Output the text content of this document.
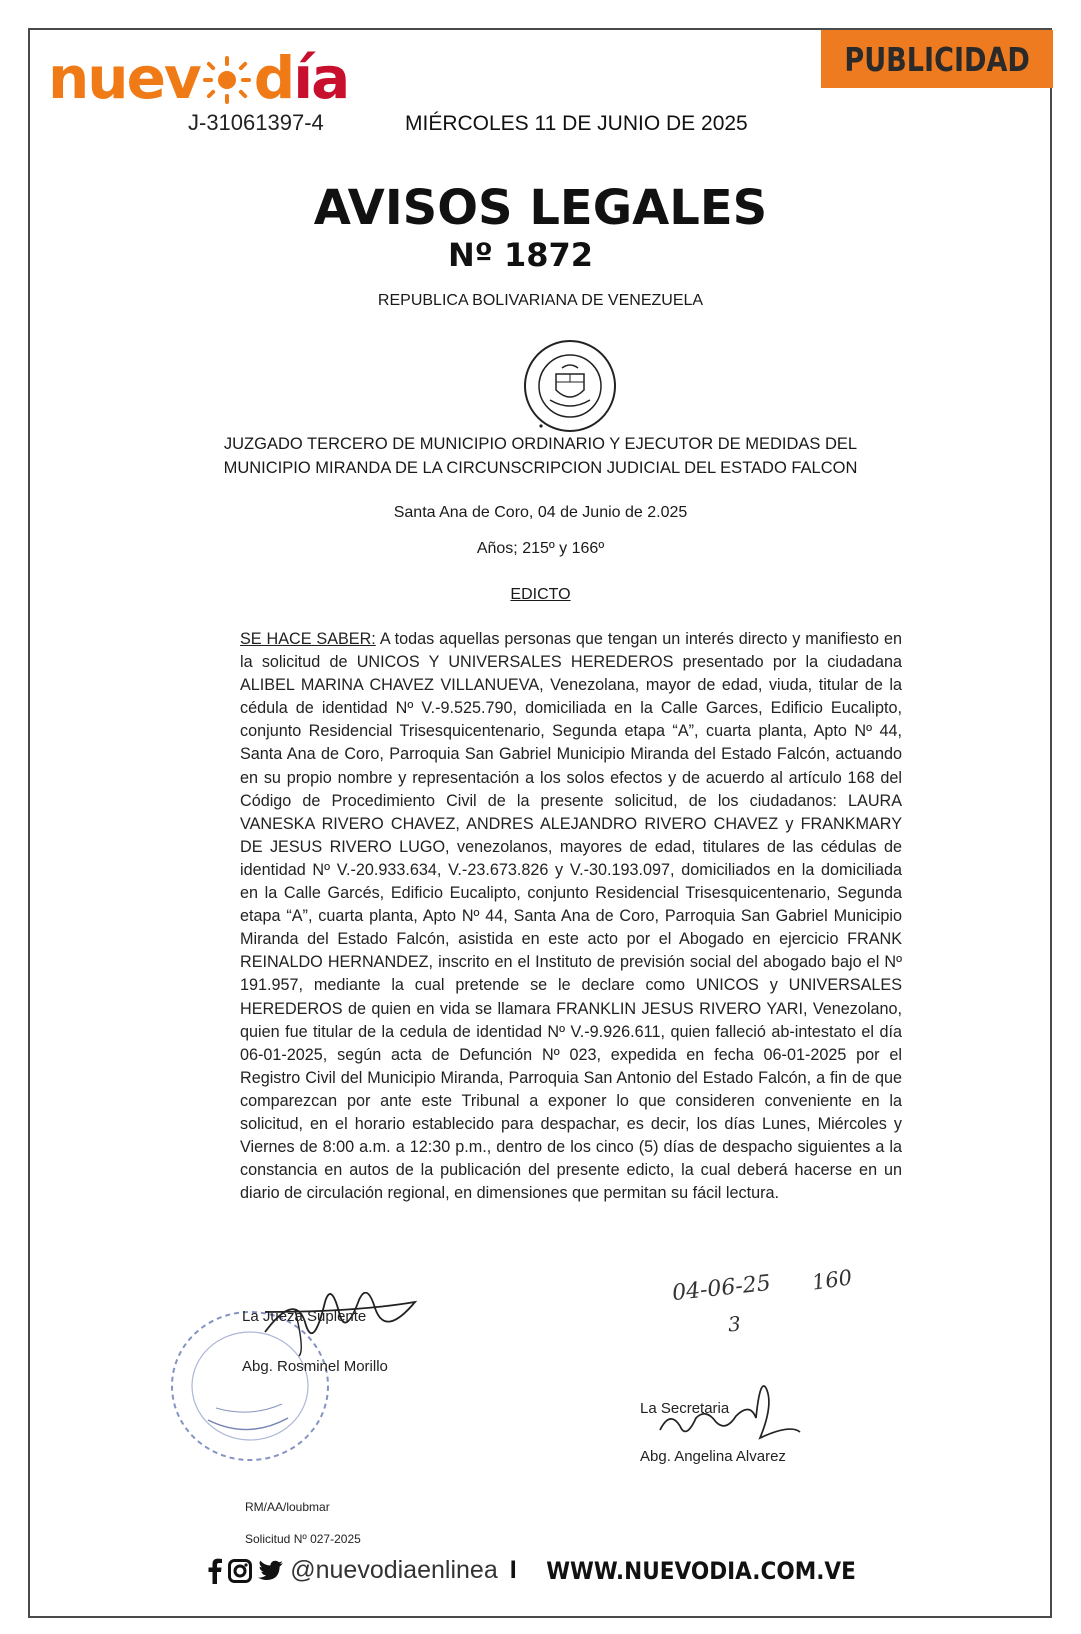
PUBLICIDAD
nuev d ía
J-31061397-4	MIÉRCOLES 11 DE JUNIO DE 2025
AVISOS LEGALES
Nº 1872
REPUBLICA BOLIVARIANA DE VENEZUELA
JUZGADO TERCERO DE MUNICIPIO ORDINARIO Y EJECUTOR DE MEDIDAS DEL
MUNICIPIO MIRANDA DE LA CIRCUNSCRIPCION JUDICIAL DEL ESTADO FALCON
Santa Ana de Coro, 04 de Junio de 2.025
Años; 215º y 166º
EDICTO
SE HACE SABER: A todas aquellas personas que tengan un interés directo y manifiesto en la solicitud de UNICOS Y UNIVERSALES HEREDEROS presentado por la ciudadana ALIBEL MARINA CHAVEZ VILLANUEVA, Venezolana, mayor de edad, viuda, titular de la cédula de identidad Nº V.-9.525.790, domiciliada en la Calle Garces, Edificio Eucalipto, conjunto Residencial Trisesquicentenario, Segunda etapa “A”, cuarta planta, Apto Nº 44, Santa Ana de Coro, Parroquia San Gabriel Municipio Miranda del Estado Falcón, actuando en su propio nombre y representación a los solos efectos y de acuerdo al artículo 168 del Código de Procedimiento Civil de la presente solicitud, de los ciudadanos: LAURA VANESKA RIVERO CHAVEZ, ANDRES ALEJANDRO RIVERO CHAVEZ y FRANKMARY DE JESUS RIVERO LUGO, venezolanos, mayores de edad, titulares de las cédulas de identidad Nº V.-20.933.634, V.-23.673.826 y V.-30.193.097, domiciliados en la domiciliada en la Calle Garcés, Edificio Eucalipto, conjunto Residencial Trisesquicentenario, Segunda etapa “A”, cuarta planta, Apto Nº 44, Santa Ana de Coro, Parroquia San Gabriel Municipio Miranda del Estado Falcón, asistida en este acto por el Abogado en ejercicio FRANK REINALDO HERNANDEZ, inscrito en el Instituto de previsión social del abogado bajo el Nº 191.957, mediante la cual pretende se le declare como UNICOS y UNIVERSALES HEREDEROS de quien en vida se llamara FRANKLIN JESUS RIVERO YARI, Venezolano, quien fue titular de la cedula de identidad Nº V.-9.926.611, quien falleció ab-intestato el día 06-01-2025, según acta de Defunción Nº 023, expedida en fecha 06-01-2025 por el Registro Civil del Municipio Miranda, Parroquia San Antonio del Estado Falcón, a fin de que comparezcan por ante este Tribunal a exponer lo que consideren conveniente en la solicitud, en el horario establecido para despachar, es decir, los días Lunes, Miércoles y Viernes de 8:00 a.m. a 12:30 p.m., dentro de los cinco (5) días de despacho siguientes a la constancia en autos de la publicación del presente edicto, la cual deberá hacerse en un diario de circulación regional, en dimensiones que permitan su fácil lectura.
04-06-25 160
3
La Jueza Suplente
Abg. Rosminel Morillo
La Secretaria
Abg. Angelina Alvarez
RM/AA/loubmar
Solicitud Nº 027-2025
@nuevodiaenlinea I WWW.NUEVODIA.COM.VE
